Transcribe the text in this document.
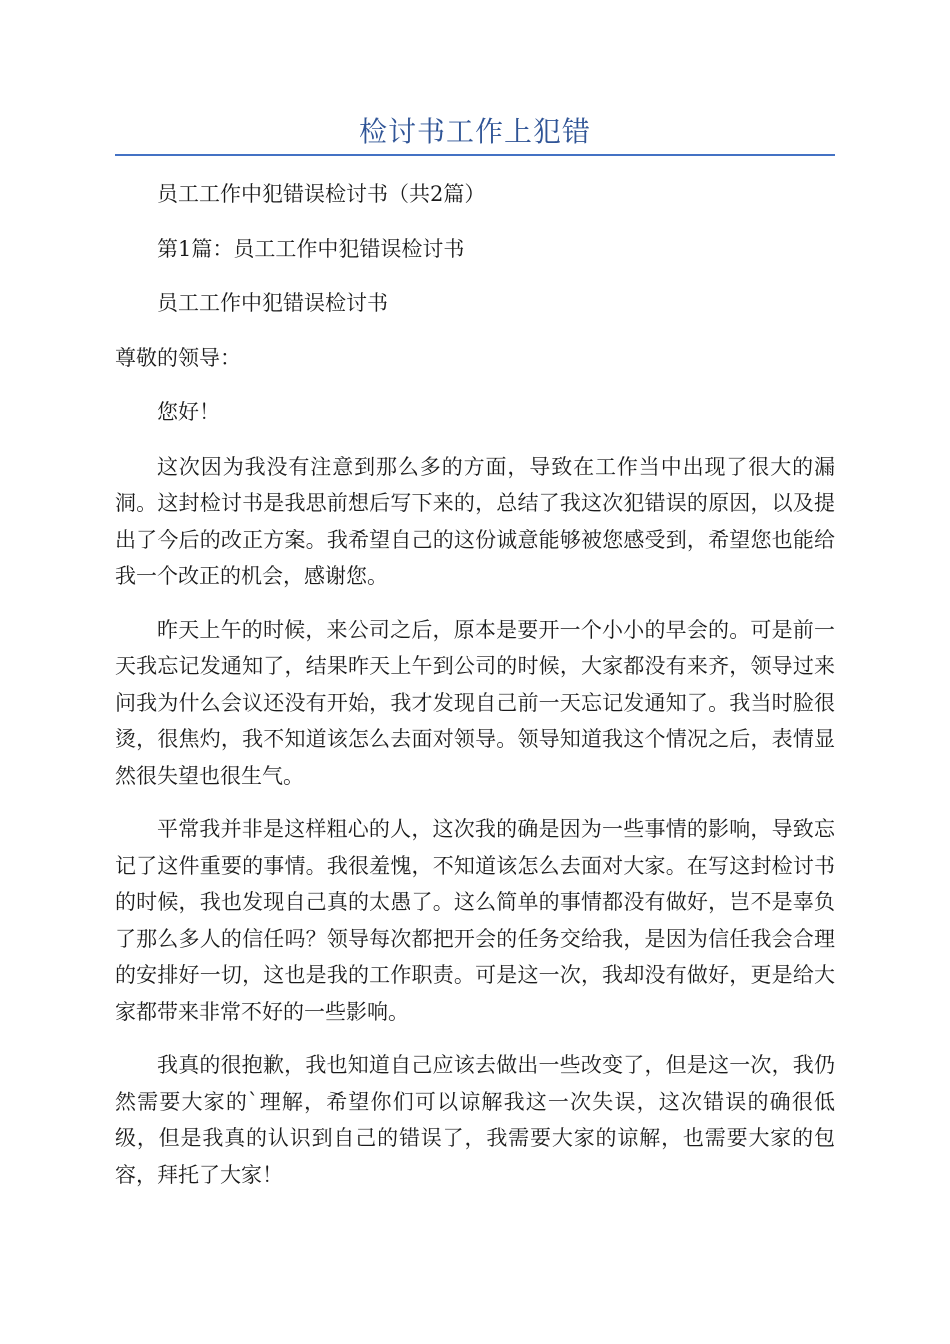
检讨书工作上犯错

员工工作中犯错误检讨书（共2篇）

第1篇：员工工作中犯错误检讨书

员工工作中犯错误检讨书

尊敬的领导：

您好！

这次因为我没有注意到那么多的方面，导致在工作当中出现了很大的漏洞。这封检讨书是我思前想后写下来的，总结了我这次犯错误的原因，以及提出了今后的改正方案。我希望自己的这份诚意能够被您感受到，希望您也能给我一个改正的机会，感谢您。

昨天上午的时候，来公司之后，原本是要开一个小小的早会的。可是前一天我忘记发通知了，结果昨天上午到公司的时候，大家都没有来齐，领导过来问我为什么会议还没有开始，我才发现自己前一天忘记发通知了。我当时脸很烫，很焦灼，我不知道该怎么去面对领导。领导知道我这个情况之后，表情显然很失望也很生气。

平常我并非是这样粗心的人，这次我的确是因为一些事情的影响，导致忘记了这件重要的事情。我很羞愧，不知道该怎么去面对大家。在写这封检讨书的时候，我也发现自己真的太愚了。这么简单的事情都没有做好，岂不是辜负了那么多人的信任吗？领导每次都把开会的任务交给我，是因为信任我会合理的安排好一切，这也是我的工作职责。可是这一次，我却没有做好，更是给大家都带来非常不好的一些影响。

我真的很抱歉，我也知道自己应该去做出一些改变了，但是这一次，我仍然需要大家的`理解，希望你们可以谅解我这一次失误，这次错误的确很低级，但是我真的认识到自己的错误了，我需要大家的谅解，也需要大家的包容，拜托了大家！
